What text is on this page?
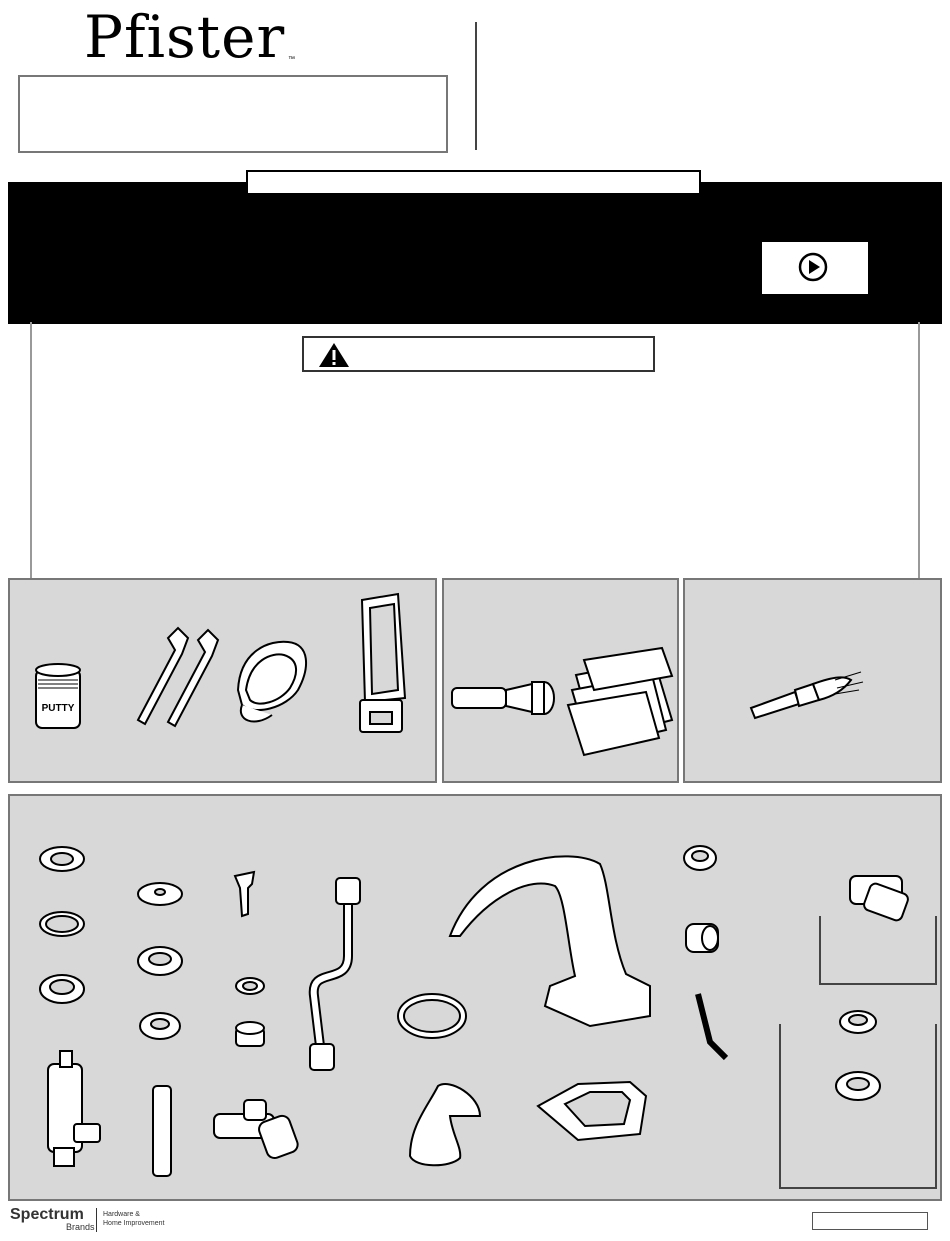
Pfister ™
PUTTY
Spectrum
Brands
Hardware &
Home Improvement
